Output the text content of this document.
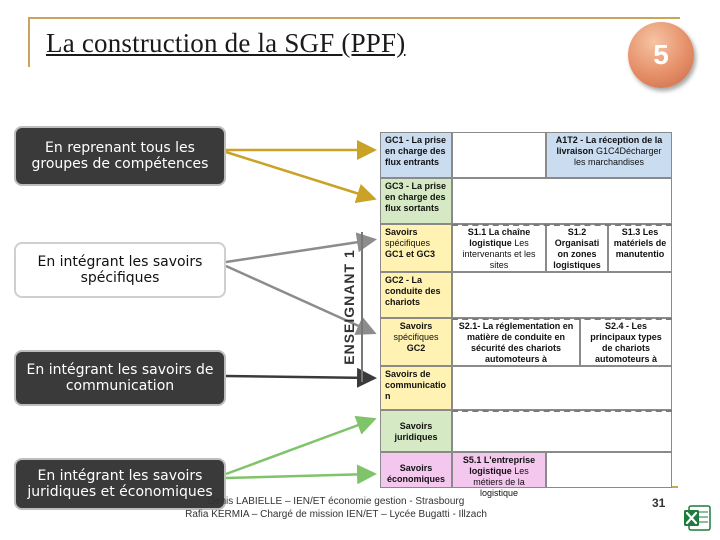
La construction de la SGF (PPF)	5
En reprenant tous les groupes de compétences
En intégrant les savoirs spécifiques
En intégrant les savoirs de communication
En intégrant les savoirs juridiques et économiques
ENSEIGNANT 1
GC1 - La prise en charge des flux entrants
A1T2 - La réception de la livraison G1C4Décharger les marchandises
GC3 - La prise en charge des flux sortants
Savoirs spécifiques GC1 et GC3
S1.1 La chaîne logistique Les intervenants et les sites
S1.2 Organisati on zones logistiques
S1.3 Les matériels de manutentio
GC2 - La conduite des chariots
Savoirs spécifiques GC2
S2.1- La réglementation en matière de conduite en sécurité des chariots automoteurs à
S2.4 - Les principaux types de chariots automoteurs à
Savoirs de communicatio n
Savoirs juridiques
Savoirs économiques
S5.1 L'entreprise logistique Les métiers de la logistique
Denis LABIELLE – IEN/ET économie gestion - Strasbourg
Rafia KERMIA – Chargé de mission IEN/ET – Lycée Bugatti - Illzach
31
